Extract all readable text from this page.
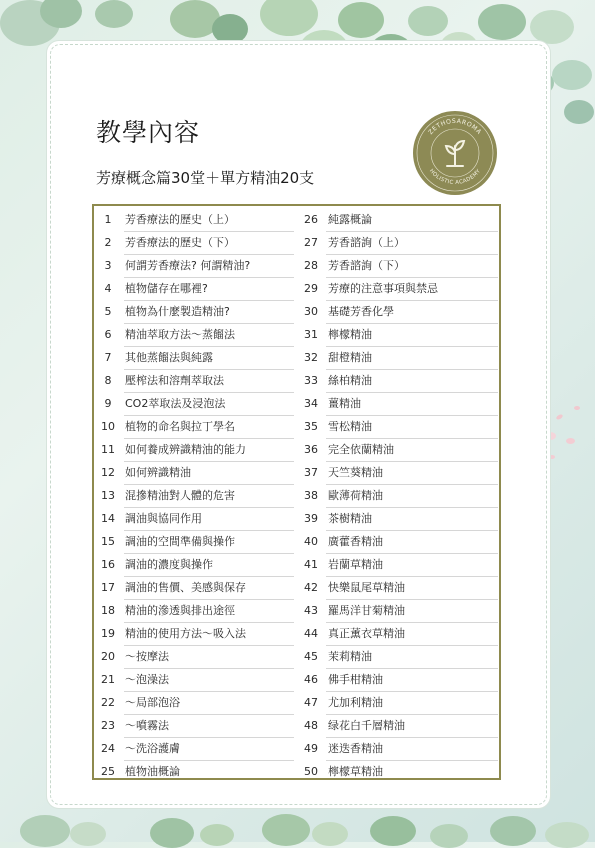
教學內容
芳療概念篇30堂＋單方精油20支
ZETHOSAROMA
HOLISTIC ACADEMY
1	芳香療法的歷史（上）	26 純露概論
2	芳香療法的歷史（下）	27 芳香諮詢（上）
3	何謂芳香療法? 何謂精油?	28 芳香諮詢（下）
4	植物儲存在哪裡?	29 芳療的注意事項與禁忌
5	植物為什麼製造精油?	30 基礎芳香化學
6	精油萃取方法～蒸餾法	31 檸檬精油
7	其他蒸餾法與純露	32 甜橙精油
8	壓榨法和溶劑萃取法	33 絲柏精油
9	CO2萃取法及浸泡法	34 薑精油
10 植物的命名與拉丁學名	35 雪松精油
11 如何養成辨識精油的能力	36 完全依蘭精油
12 如何辨識精油	37 天竺葵精油
13 混摻精油對人體的危害	38 歐薄荷精油
14 調油與協同作用	39 茶樹精油
15 調油的空間準備與操作	40 廣藿香精油
16 調油的濃度與操作	41 岩蘭草精油
17 調油的售價、美感與保存	42 快樂鼠尾草精油
18 精油的滲透與排出途徑	43 羅馬洋甘菊精油
19 精油的使用方法～吸入法	44 真正薰衣草精油
20 ～按摩法	45 茉莉精油
21 ～泡澡法	46 佛手柑精油
22 ～局部泡浴	47 尤加利精油
23 ～噴霧法	48 绿花白千層精油
24 ～洗浴護膚	49 迷迭香精油
25 植物油概論	50 檸檬草精油
